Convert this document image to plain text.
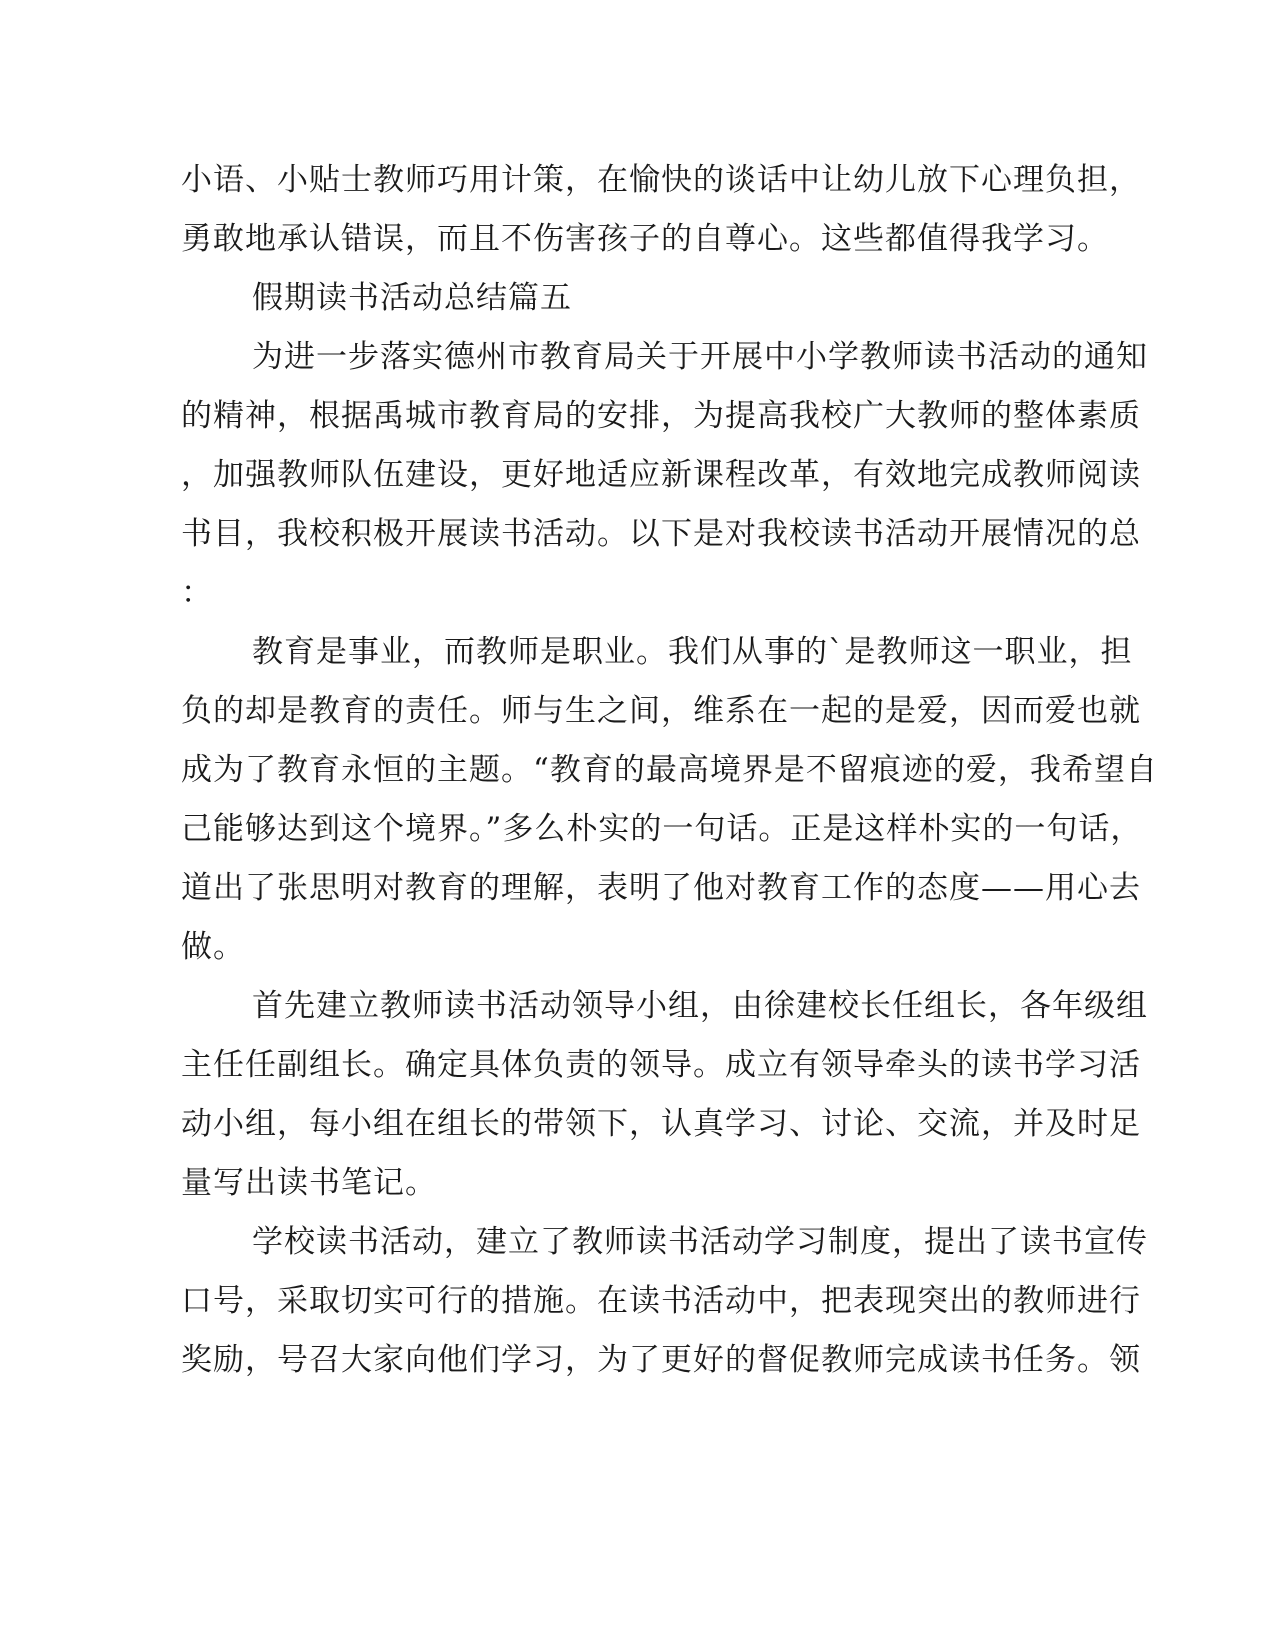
小语、小贴士教师巧用计策，在愉快的谈话中让幼儿放下心理负担，
勇敢地承认错误，而且不伤害孩子的自尊心。这些都值得我学习。
假期读书活动总结篇五
为进一步落实德州市教育局关于开展中小学教师读书活动的通知
的精神，根据禹城市教育局的安排，为提高我校广大教师的整体素质
，加强教师队伍建设，更好地适应新课程改革，有效地完成教师阅读
书目，我校积极开展读书活动。以下是对我校读书活动开展情况的总
：
教育是事业，而教师是职业。我们从事的`是教师这一职业，担
负的却是教育的责任。师与生之间，维系在一起的是爱，因而爱也就
成为了教育永恒的主题。“教育的最高境界是不留痕迹的爱，我希望自
己能够达到这个境界。”多么朴实的一句话。正是这样朴实的一句话，
道出了张思明对教育的理解，表明了他对教育工作的态度——用心去
做。
首先建立教师读书活动领导小组，由徐建校长任组长，各年级组
主任任副组长。确定具体负责的领导。成立有领导牵头的读书学习活
动小组，每小组在组长的带领下，认真学习、讨论、交流，并及时足
量写出读书笔记。
学校读书活动，建立了教师读书活动学习制度，提出了读书宣传
口号，采取切实可行的措施。在读书活动中，把表现突出的教师进行
奖励，号召大家向他们学习，为了更好的督促教师完成读书任务。领
